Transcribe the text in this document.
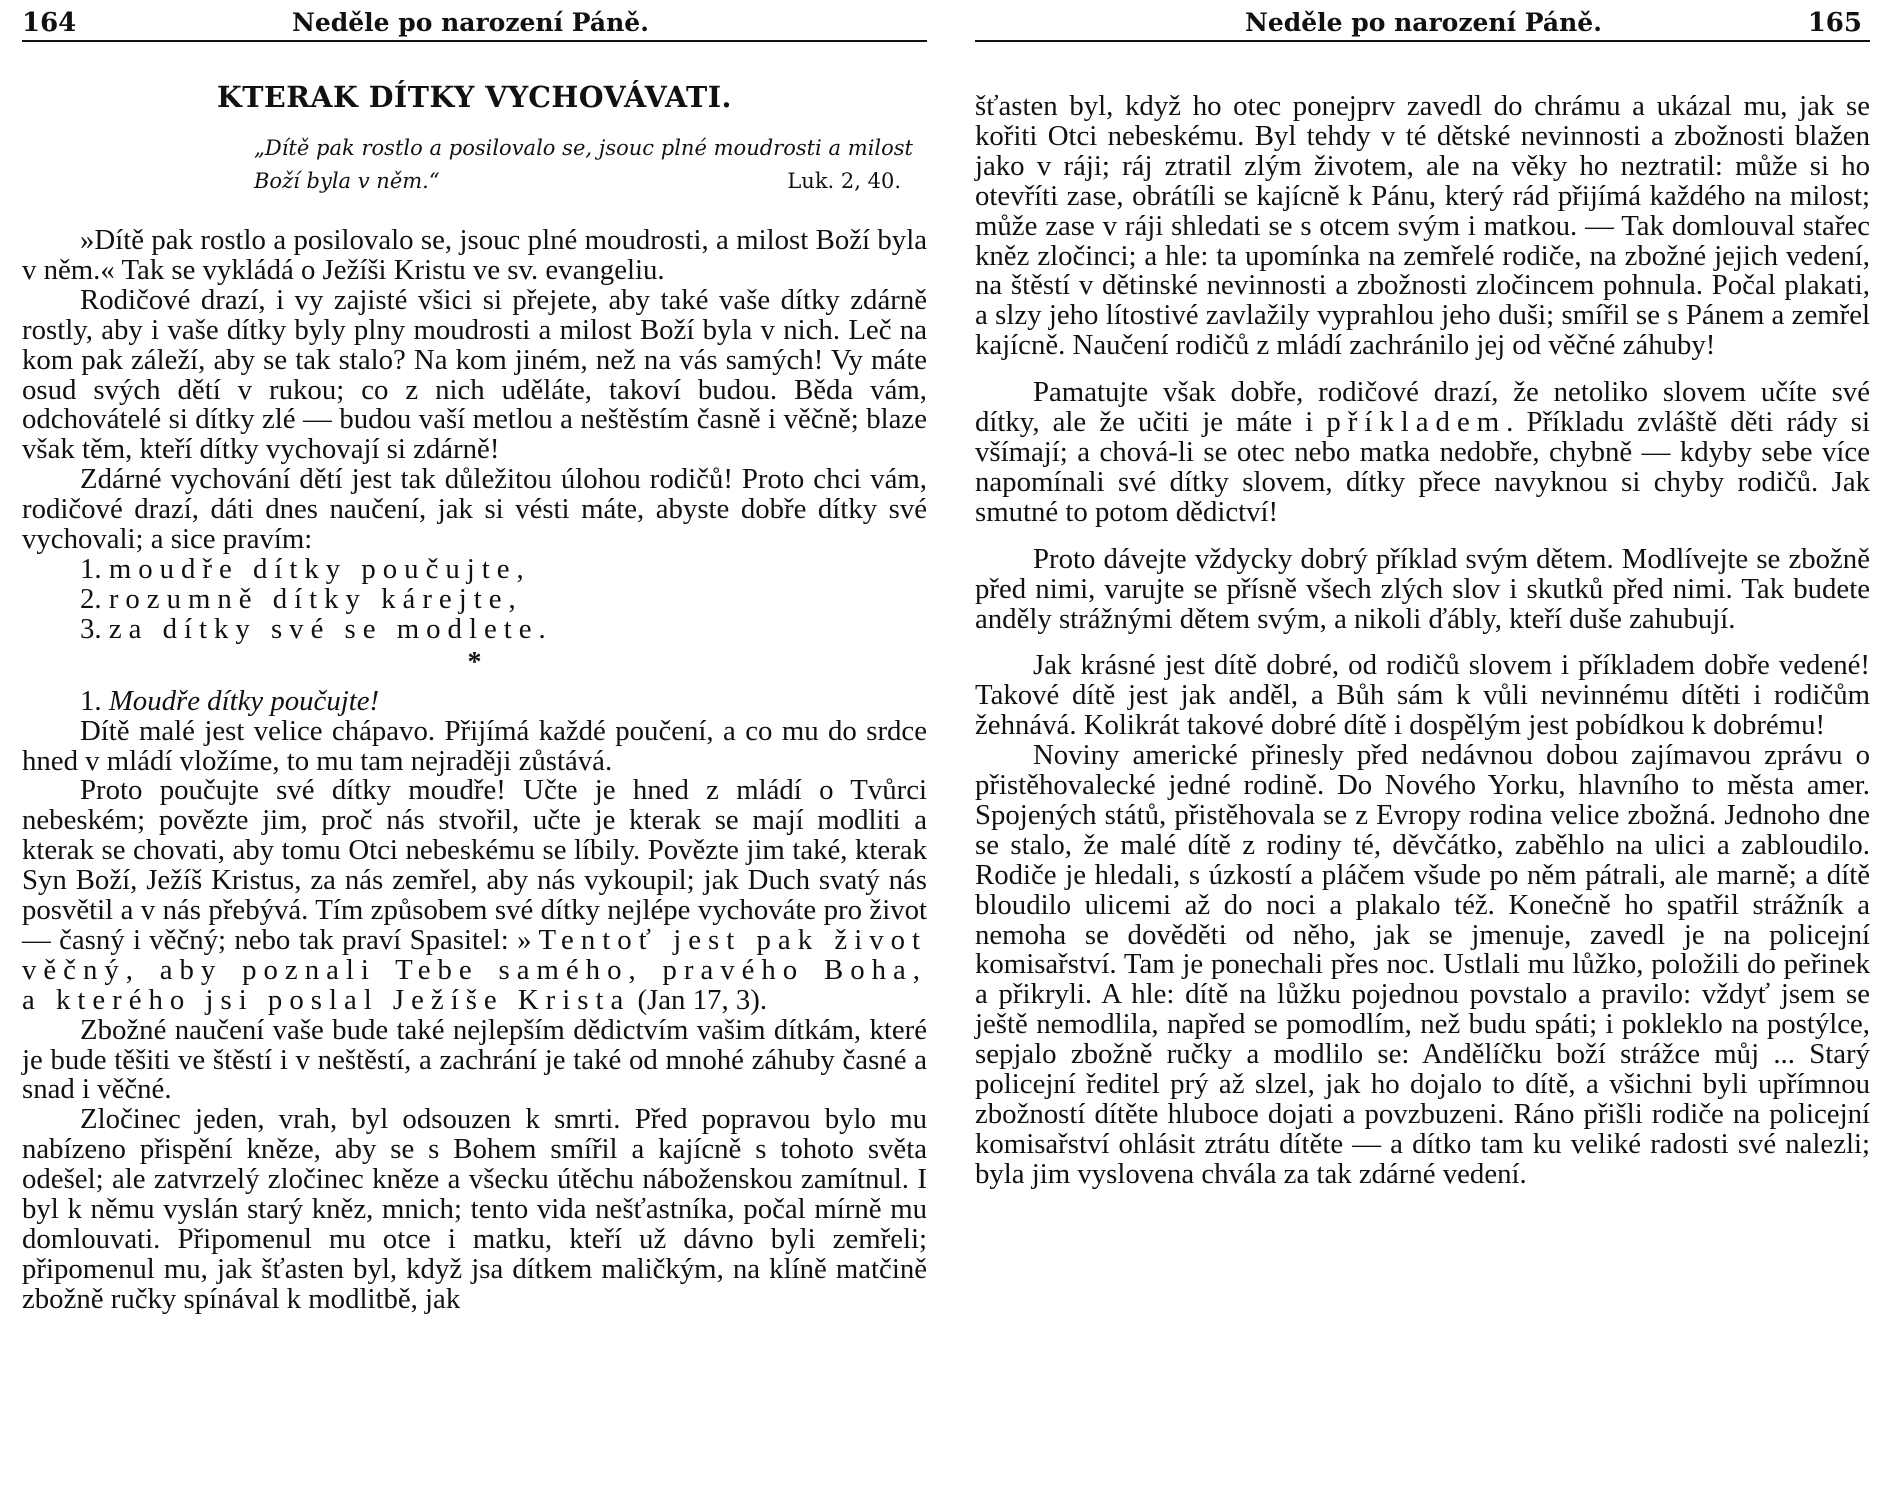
164	Neděle po narození Páně.
KTERAK DÍTKY VYCHOVÁVATI.
„Dítě pak rostlo a posilovalo se, jsouc plné moudrosti a milost Boží byla v něm.“	Luk. 2, 40.

»Dítě pak rostlo a posilovalo se, jsouc plné moudrosti, a milost Boží byla v něm.« Tak se vykládá o Ježíši Kristu ve sv. evangeliu.

Rodičové drazí, i vy zajisté všici si přejete, aby také vaše dítky zdárně rostly, aby i vaše dítky byly plny moudrosti a milost Boží byla v nich. Leč na kom pak záleží, aby se tak stalo? Na kom jiném, než na vás samých! Vy máte osud svých dětí v rukou; co z nich uděláte, takoví budou. Běda vám, odchovátelé si dítky zlé — budou vaší metlou a neštěstím časně i věčně; blaze však těm, kteří dítky vychovají si zdárně!

Zdárné vychování dětí jest tak důležitou úlohou rodičů! Proto chci vám, rodičové drazí, dáti dnes naučení, jak si vésti máte, abyste dobře dítky své vychovali; a sice pravím:

1. moudře dítky poučujte,
2. rozumně dítky kárejte,
3. za dítky své se modlete.
*
1. Moudře dítky poučujte!

Dítě malé jest velice chápavo. Přijímá každé poučení, a co mu do srdce hned v mládí vložíme, to mu tam nejraději zůstává.

Proto poučujte své dítky moudře! Učte je hned z mládí o Tvůrci nebeském; povězte jim, proč nás stvořil, učte je kterak se mají modliti a kterak se chovati, aby tomu Otci nebeskému se líbily. Povězte jim také, kterak Syn Boží, Ježíš Kristus, za nás zemřel, aby nás vykoupil; jak Duch svatý nás posvětil a v nás přebývá. Tím způsobem své dítky nejlépe vychováte pro život — časný i věčný; nebo tak praví Spasitel: »Tentoť jest pak život věčný, aby poznali Tebe samého, pravého Boha, a kterého jsi poslal Ježíše Krista (Jan 17, 3).

Zbožné naučení vaše bude také nejlepším dědictvím vašim dítkám, které je bude těšiti ve štěstí i v neštěstí, a zachrání je také od mnohé záhuby časné a snad i věčné.

Zločinec jeden, vrah, byl odsouzen k smrti. Před popravou bylo mu nabízeno přispění kněze, aby se s Bohem smířil a kajícně s tohoto světa odešel; ale zatvrzelý zločinec kněze a všecku útěchu náboženskou zamítnul. I byl k němu vyslán starý kněz, mnich; tento vida nešťastníka, počal mírně mu domlouvati. Připomenul mu otce i matku, kteří už dávno byli zemřeli; připomenul mu, jak šťasten byl, když jsa dítkem maličkým, na klíně matčině zbožně ručky spínával k modlitbě, jak

Neděle po narození Páně.	165

šťasten byl, když ho otec ponejprv zavedl do chrámu a ukázal mu, jak se kořiti Otci nebeskému. Byl tehdy v té dětské nevinnosti a zbožnosti blažen jako v ráji; ráj ztratil zlým životem, ale na věky ho neztratil: může si ho otevříti zase, obrátíli se kajícně k Pánu, který rád přijímá každého na milost; může zase v ráji shledati se s otcem svým i matkou. — Tak domlouval stařec kněz zločinci; a hle: ta upomínka na zemřelé rodiče, na zbožné jejich vedení, na štěstí v dětinské nevinnosti a zbožnosti zločincem pohnula. Počal plakati, a slzy jeho lítostivé zavlažily vyprahlou jeho duši; smířil se s Pánem a zemřel kajícně. Naučení rodičů z mládí zachránilo jej od věčné záhuby!

Pamatujte však dobře, rodičové drazí, že netoliko slovem učíte své dítky, ale že učiti je máte i příkladem. Příkladu zvláště děti rády si všímají; a chová-li se otec nebo matka nedobře, chybně — kdyby sebe více napomínali své dítky slovem, dítky přece navyknou si chyby rodičů. Jak smutné to potom dědictví!

Proto dávejte vždycky dobrý příklad svým dětem. Modlívejte se zbožně před nimi, varujte se přísně všech zlých slov i skutků před nimi. Tak budete anděly strážnými dětem svým, a nikoli ďábly, kteří duše zahubují.

Jak krásné jest dítě dobré, od rodičů slovem i příkladem dobře vedené! Takové dítě jest jak anděl, a Bůh sám k vůli nevinnému dítěti i rodičům žehnává. Kolikrát takové dobré dítě i dospělým jest pobídkou k dobrému!

Noviny americké přinesly před nedávnou dobou zajímavou zprávu o přistěhovalecké jedné rodině. Do Nového Yorku, hlavního to města amer. Spojených států, přistěhovala se z Evropy rodina velice zbožná. Jednoho dne se stalo, že malé dítě z rodiny té, děvčátko, zaběhlo na ulici a zabloudilo. Rodiče je hledali, s úzkostí a pláčem všude po něm pátrali, ale marně; a dítě bloudilo ulicemi až do noci a plakalo též. Konečně ho spatřil strážník a nemoha se dověděti od něho, jak se jmenuje, zavedl je na policejní komisařství. Tam je ponechali přes noc. Ustlali mu lůžko, položili do peřinek a přikryli. A hle: dítě na lůžku pojednou povstalo a pravilo: vždyť jsem se ještě nemodlila, napřed se pomodlím, než budu spáti; i pokleklo na postýlce, sepjalo zbožně ručky a modlilo se: Andělíčku boží strážce můj ... Starý policejní ředitel prý až slzel, jak ho dojalo to dítě, a všichni byli upřímnou zbožností dítěte hluboce dojati a povzbuzeni. Ráno přišli rodiče na policejní komisařství ohlásit ztrátu dítěte — a dítko tam ku veliké radosti své nalezli; byla jim vyslovena chvála za tak zdárné vedení.
